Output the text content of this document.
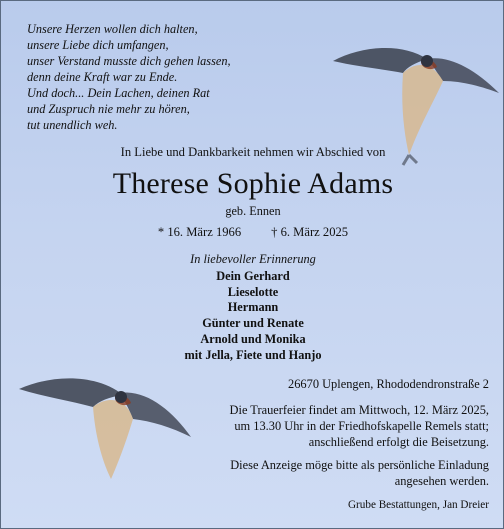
Unsere Herzen wollen dich halten,
unsere Liebe dich umfangen,
unser Verstand musste dich gehen lassen,
denn deine Kraft war zu Ende.
Und doch... Dein Lachen, deinen Rat
und Zuspruch nie mehr zu hören,
tut unendlich weh.
In Liebe und Dankbarkeit nehmen wir Abschied von
Therese Sophie Adams
geb. Ennen
* 16. März 1966 † 6. März 2025
In liebevoller Erinnerung
Dein Gerhard
Lieselotte
Hermann
Günter und Renate
Arnold und Monika
mit Jella, Fiete und Hanjo
26670 Uplengen, Rhododendronstraße 2
Die Trauerfeier findet am Mittwoch, 12. März 2025,
um 13.30 Uhr in der Friedhofskapelle Remels statt;
anschließend erfolgt die Beisetzung.
Diese Anzeige möge bitte als persönliche Einladung
angesehen werden.
Grube Bestattungen, Jan Dreier
